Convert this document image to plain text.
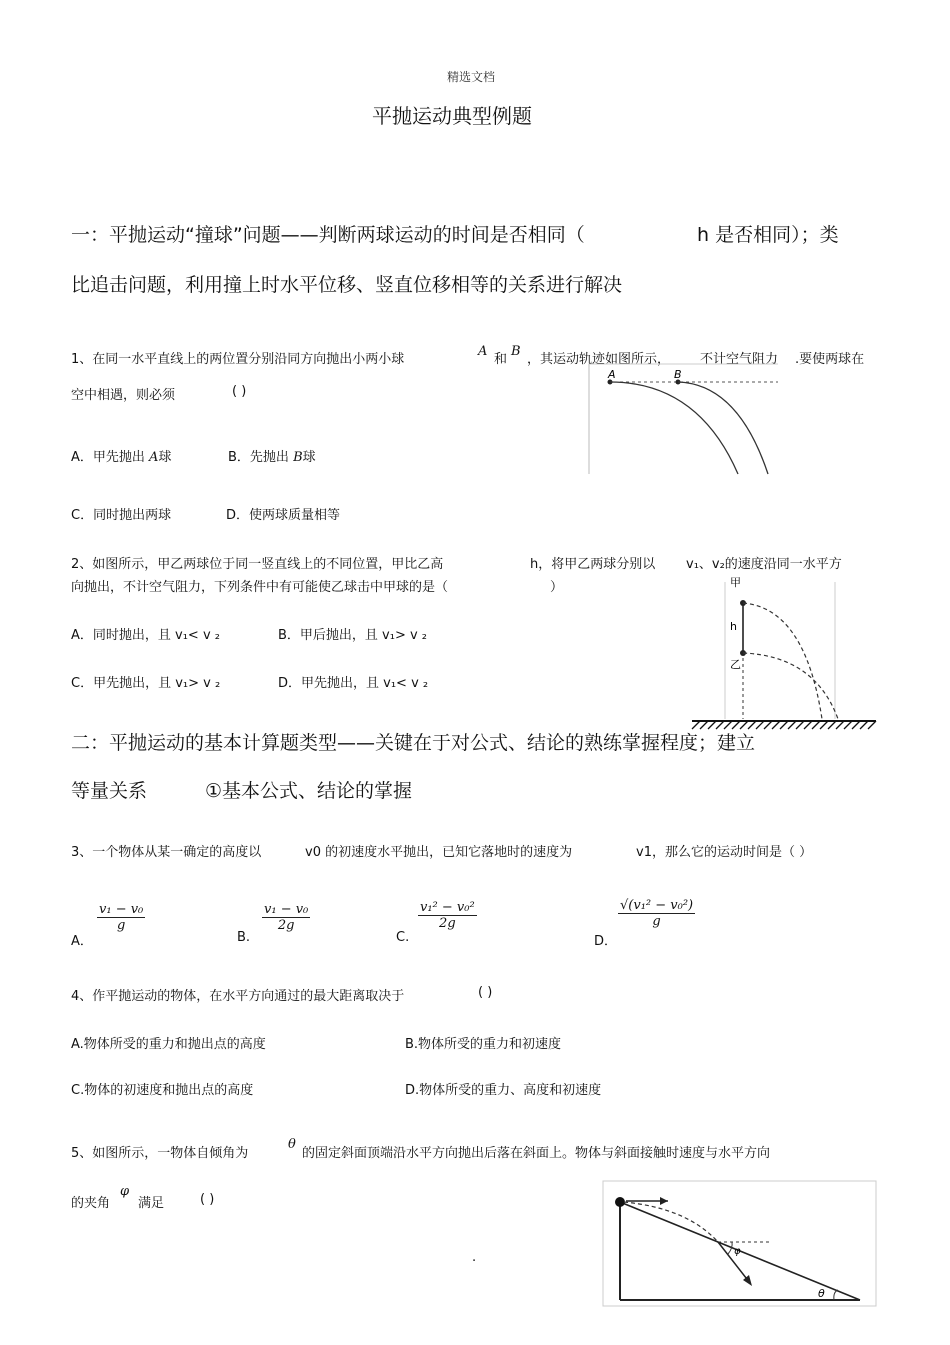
精选文档
平抛运动典型例题
一：平抛运动“撞球”问题——判断两球运动的时间是否相同（	h 是否相同）；类
比追击问题，利用撞上时水平位移、竖直位移相等的关系进行解决
1、在同一水平直线上的两位置分别沿同方向抛出小两小球
A
和
B
，其运动轨迹如图所示， 不计空气阻力 .要使两球在
空中相遇，则必须	( )
A．甲先抛出 A球	B．先抛出 B球
C．同时抛出两球	D．使两球质量相等
A	B
2、如图所示，甲乙两球位于同一竖直线上的不同位置，甲比乙高	h，将甲乙两球分别以 v₁、v₂的速度沿同一水平方
向抛出，不计空气阻力，下列条件中有可能使乙球击中甲球的是（	）
A．同时抛出，且 v₁< v ₂	B．甲后抛出，且 v₁> v ₂
C．甲先抛出，且 v₁> v ₂	D．甲先抛出，且 v₁< v ₂
甲
h
乙
二：平抛运动的基本计算题类型——关键在于对公式、结论的熟练掌握程度；建立
等量关系	①基本公式、结论的掌握
3、一个物体从某一确定的高度以	v0 的初速度水平抛出，已知它落地时的速度为	v1，那么它的运动时间是（ ）
A．
v₁ − v₀
g
B.
v₁ − v₀
2g
C.
v₁² − v₀²
2g
D．
√(v₁² − v₀²)
g
4、作平抛运动的物体，在水平方向通过的最大距离取决于	( )
A.物体所受的重力和抛出点的高度	B.物体所受的重力和初速度
C.物体的初速度和抛出点的高度	D.物体所受的重力、高度和初速度
5、如图所示，一物体自倾角为
θ
的固定斜面顶端沿水平方向抛出后落在斜面上。物体与斜面接触时速度与水平方向
的夹角
φ
满足	( )
φ
θ
.
